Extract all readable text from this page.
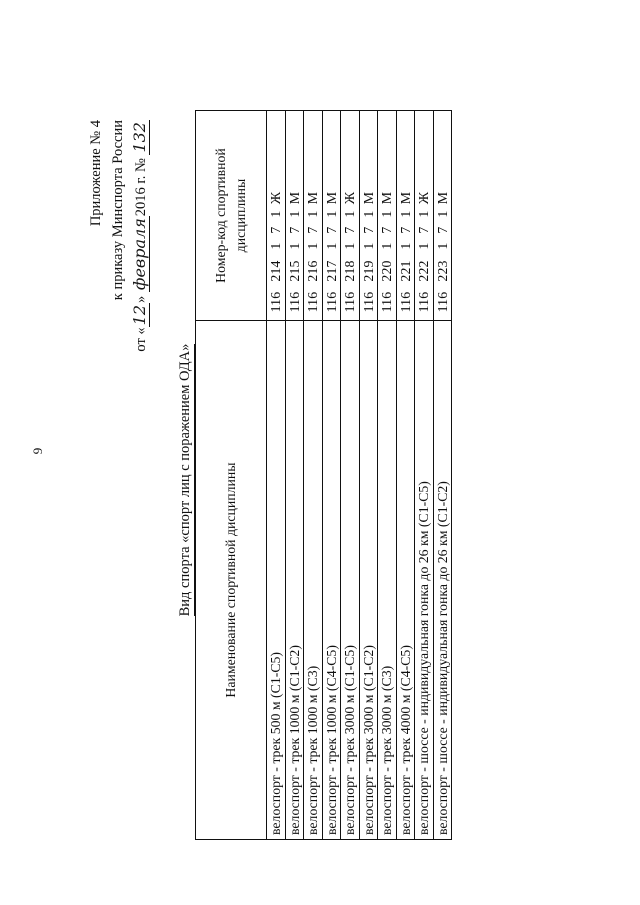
9
Приложение № 4 к приказу Минспорта России
от «12» февраля2016 г. № 132
Вид спорта «спорт лиц с поражением ОДА» Наименование спортивной дисциплины	Номер-код спортивной дисциплины
велоспорт - трек 500 м (C1-C5)	116214171Ж
велоспорт - трек 1000 м (C1-C2)	116215171М
велоспорт - трек 1000 м (С3)	116216171М
велоспорт - трек 1000 м (C4-C5)	116217171М
велоспорт - трек 3000 м (C1-C5)	116218171Ж
велоспорт - трек 3000 м (C1-C2)	116219171М
велоспорт - трек 3000 м (С3)	116220171М
велоспорт - трек 4000 м (C4-C5)	116221171М
велоспорт - шоссе - индивидуальная гонка до 26 км (C1-C5)	116222171Ж
велоспорт - шоссе - индивидуальная гонка до 26 км (C1-C2)	116223171М
